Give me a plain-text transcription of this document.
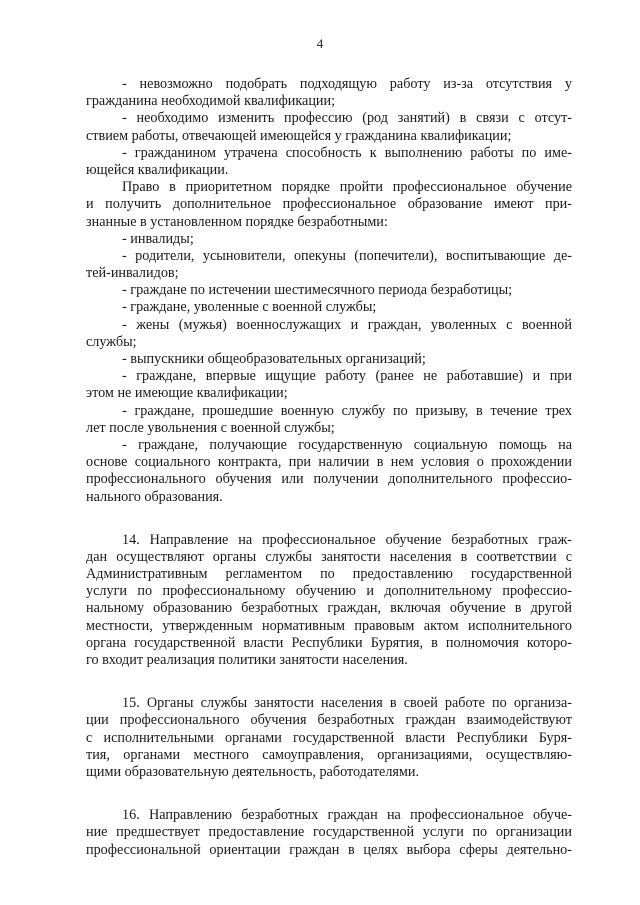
4
- невозможно подобрать подходящую работу из-за отсутствия у
гражданина необходимой квалификации;
- необходимо изменить профессию (род занятий) в связи с отсут-
ствием работы, отвечающей имеющейся у гражданина квалификации;
- гражданином утрачена способность к выполнению работы по име-
ющейся квалификации.
Право в приоритетном порядке пройти профессиональное обучение
и получить дополнительное профессиональное образование имеют при-
знанные в установленном порядке безработными:
- инвалиды;
- родители, усыновители, опекуны (попечители), воспитывающие де-
тей-инвалидов;
- граждане по истечении шестимесячного периода безработицы;
- граждане, уволенные с военной службы;
- жены (мужья) военнослужащих и граждан, уволенных с военной
службы;
- выпускники общеобразовательных организаций;
- граждане, впервые ищущие работу (ранее не работавшие) и при
этом не имеющие квалификации;
- граждане, прошедшие военную службу по призыву, в течение трех
лет после увольнения с военной службы;
- граждане, получающие государственную социальную помощь на
основе социального контракта, при наличии в нем условия о прохождении
профессионального обучения или получении дополнительного профессио-
нального образования.
14. Направление на профессиональное обучение безработных граж-
дан осуществляют органы службы занятости населения в соответствии с
Административным регламентом по предоставлению государственной
услуги по профессиональному обучению и дополнительному профессио-
нальному образованию безработных граждан, включая обучение в другой
местности, утвержденным нормативным правовым актом исполнительного
органа государственной власти Республики Бурятия, в полномочия которо-
го входит реализация политики занятости населения.
15. Органы службы занятости населения в своей работе по организа-
ции профессионального обучения безработных граждан взаимодействуют
с исполнительными органами государственной власти Республики Буря-
тия, органами местного самоуправления, организациями, осуществляю-
щими образовательную деятельность, работодателями.
16. Направлению безработных граждан на профессиональное обуче-
ние предшествует предоставление государственной услуги по организации
профессиональной ориентации граждан в целях выбора сферы деятельно-
